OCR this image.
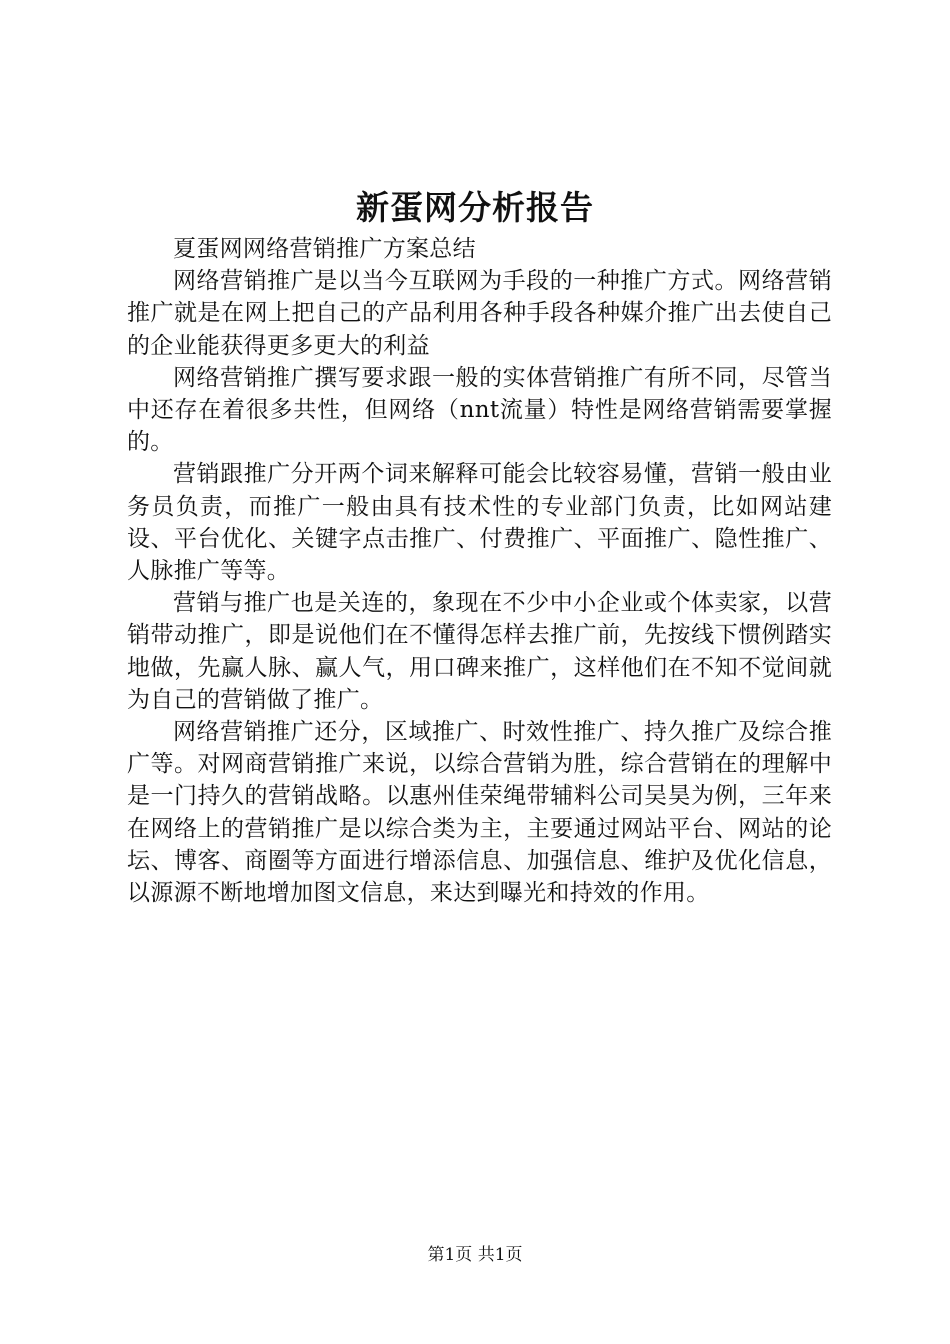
新蛋网分析报告

夏蛋网网络营销推广方案总结

网络营销推广是以当今互联网为手段的一种推广方式。网络营销推广就是在网上把自己的产品利用各种手段各种媒介推广出去使自己的企业能获得更多更大的利益

网络营销推广撰写要求跟一般的实体营销推广有所不同，尽管当中还存在着很多共性，但网络（nnt流量）特性是网络营销需要掌握的。

营销跟推广分开两个词来解释可能会比较容易懂，营销一般由业务员负责，而推广一般由具有技术性的专业部门负责，比如网站建设、平台优化、关键字点击推广、付费推广、平面推广、隐性推广、人脉推广等等。

营销与推广也是关连的，象现在不少中小企业或个体卖家，以营销带动推广，即是说他们在不懂得怎样去推广前，先按线下惯例踏实地做，先赢人脉、赢人气，用口碑来推广，这样他们在不知不觉间就为自己的营销做了推广。

网络营销推广还分，区域推广、时效性推广、持久推广及综合推广等。对网商营销推广来说，以综合营销为胜，综合营销在的理解中是一门持久的营销战略。以惠州佳荣绳带辅料公司吴昊为例，三年来在网络上的营销推广是以综合类为主，主要通过网站平台、网站的论坛、博客、商圈等方面进行增添信息、加强信息、维护及优化信息，以源源不断地增加图文信息，来达到曝光和持效的作用。

第1页 共1页
